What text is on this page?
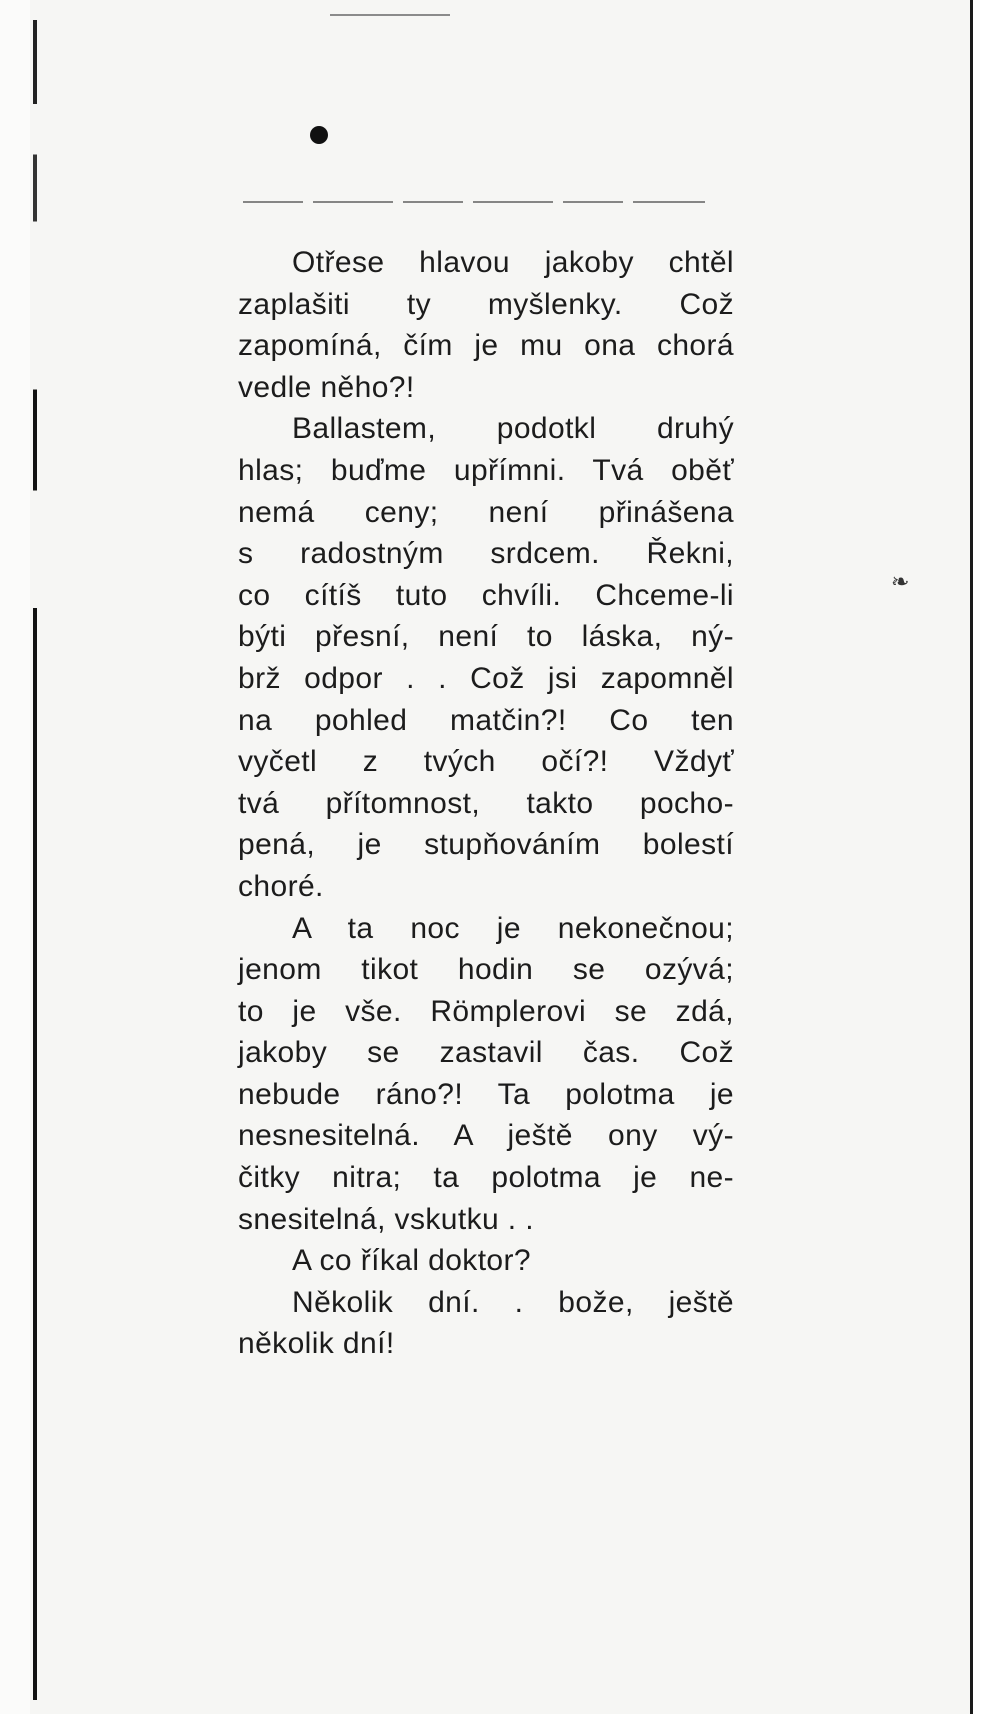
❧
Otřese hlavou jakoby chtěl
zaplašiti ty myšlenky. Což
zapomíná, čím je mu ona chorá
vedle něho?!
Ballastem, podotkl druhý
hlas; buďme upřímni. Tvá oběť
nemá ceny; není přinášena
s radostným srdcem. Řekni,
co cítíš tuto chvíli. Chceme-li
býti přesní, není to láska, ný-
brž odpor . . Což jsi zapomněl
na pohled matčin?! Co ten
vyčetl z tvých očí?! Vždyť
tvá přítomnost, takto pocho-
pená, je stupňováním bolestí
choré.
A ta noc je nekonečnou;
jenom tikot hodin se ozývá;
to je vše. Römplerovi se zdá,
jakoby se zastavil čas. Což
nebude ráno?! Ta polotma je
nesnesitelná. A ještě ony vý-
čitky nitra; ta polotma je ne-
snesitelná, vskutku . .
A co říkal doktor?
Několik dní. . bože, ještě
několik dní!
